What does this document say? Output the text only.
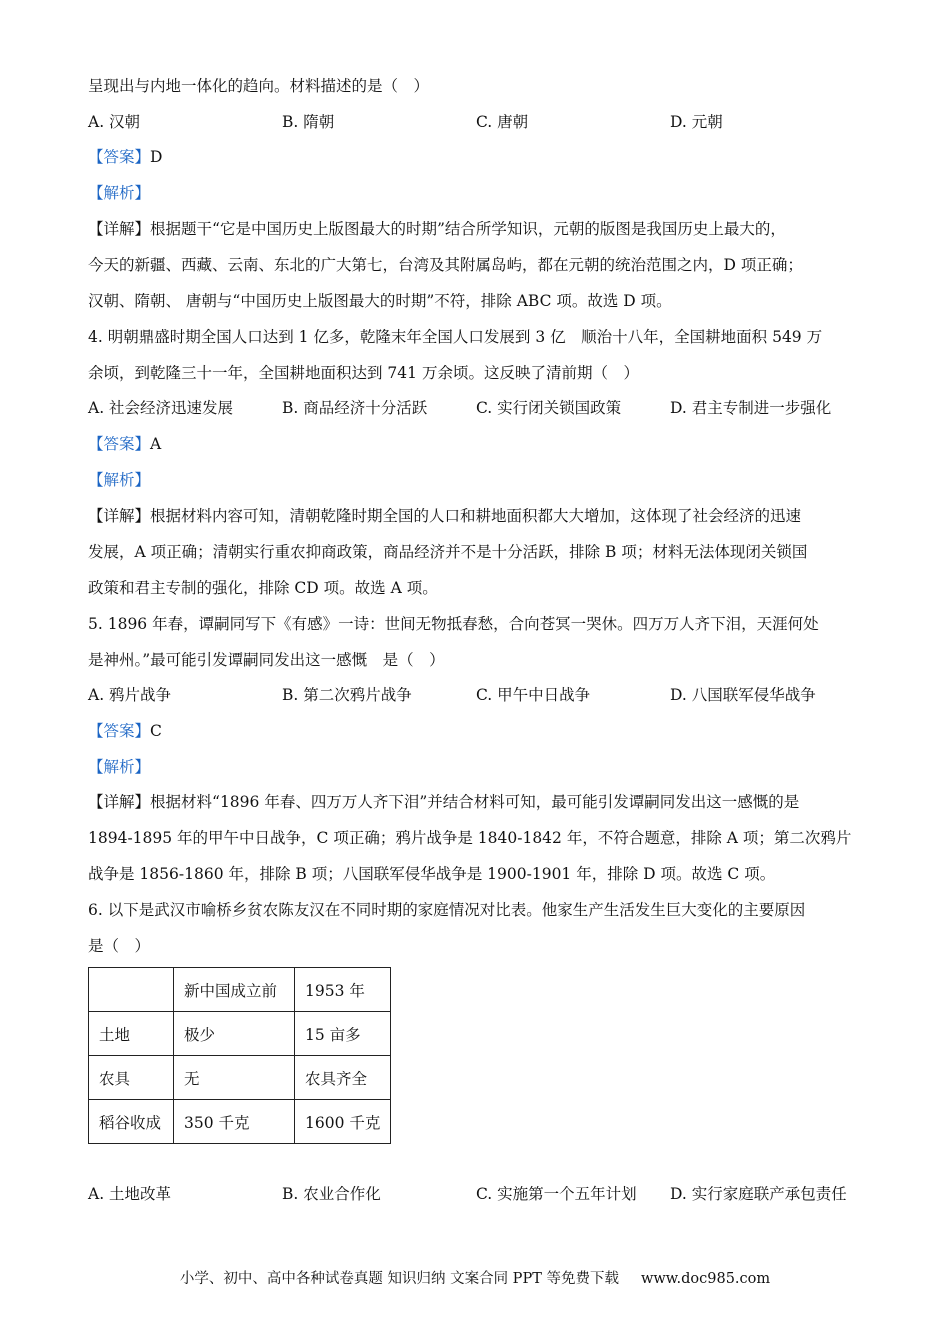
呈现出与内地一体化的趋向。材料描述的是（　）
A. 汉朝	B. 隋朝	C. 唐朝	D. 元朝
【答案】D
【解析】
【详解】根据题干“它是中国历史上版图最大的时期”结合所学知识，元朝的版图是我国历史上最大的，
今天的新疆、西藏、云南、东北的广大第七，台湾及其附属岛屿，都在元朝的统治范围之内，D 项正确；
汉朝、隋朝、 唐朝与“中国历史上版图最大的时期”不符，排除 ABC 项。故选 D 项。
4. 明朝鼎盛时期全国人口达到 1 亿多，乾隆末年全国人口发展到 3 亿　顺治十八年，全国耕地面积 549 万
余顷，到乾隆三十一年，全国耕地面积达到 741 万余顷。这反映了清前期（　）
A. 社会经济迅速发展	B. 商品经济十分活跃	C. 实行闭关锁国政策	D. 君主专制进一步强化
【答案】A
【解析】
【详解】根据材料内容可知，清朝乾隆时期全国的人口和耕地面积都大大增加，这体现了社会经济的迅速
发展，A 项正确；清朝实行重农抑商政策，商品经济并不是十分活跃，排除 B 项；材料无法体现闭关锁国
政策和君主专制的强化，排除 CD 项。故选 A 项。
5. 1896 年春，谭嗣同写下《有感》一诗：世间无物抵春愁，合向苍冥一哭休。四万万人齐下泪，天涯何处
是神州。”最可能引发谭嗣同发出这一感慨　是（　）
A. 鸦片战争	B. 第二次鸦片战争	C. 甲午中日战争	D. 八国联军侵华战争
【答案】C
【解析】
【详解】根据材料“1896 年春、四万万人齐下泪”并结合材料可知，最可能引发谭嗣同发出这一感慨的是
1894-1895 年的甲午中日战争，C 项正确；鸦片战争是 1840-1842 年，不符合题意，排除 A 项；第二次鸦片
战争是 1856-1860 年，排除 B 项；八国联军侵华战争是 1900-1901 年，排除 D 项。故选 C 项。
6. 以下是武汉市喻桥乡贫农陈友汉在不同时期的家庭情况对比表。他家生产生活发生巨大变化的主要原因
是（　）
	新中国成立前	1953 年
土地	极少	15 亩多
农具	无	农具齐全
稻谷收成	350 千克	1600 千克
A. 土地改革	B. 农业合作化	C. 实施第一个五年计划 D. 实行家庭联产承包责任
小学、初中、高中各种试卷真题 知识归纳 文案合同 PPT 等免费下载 www.doc985.com
